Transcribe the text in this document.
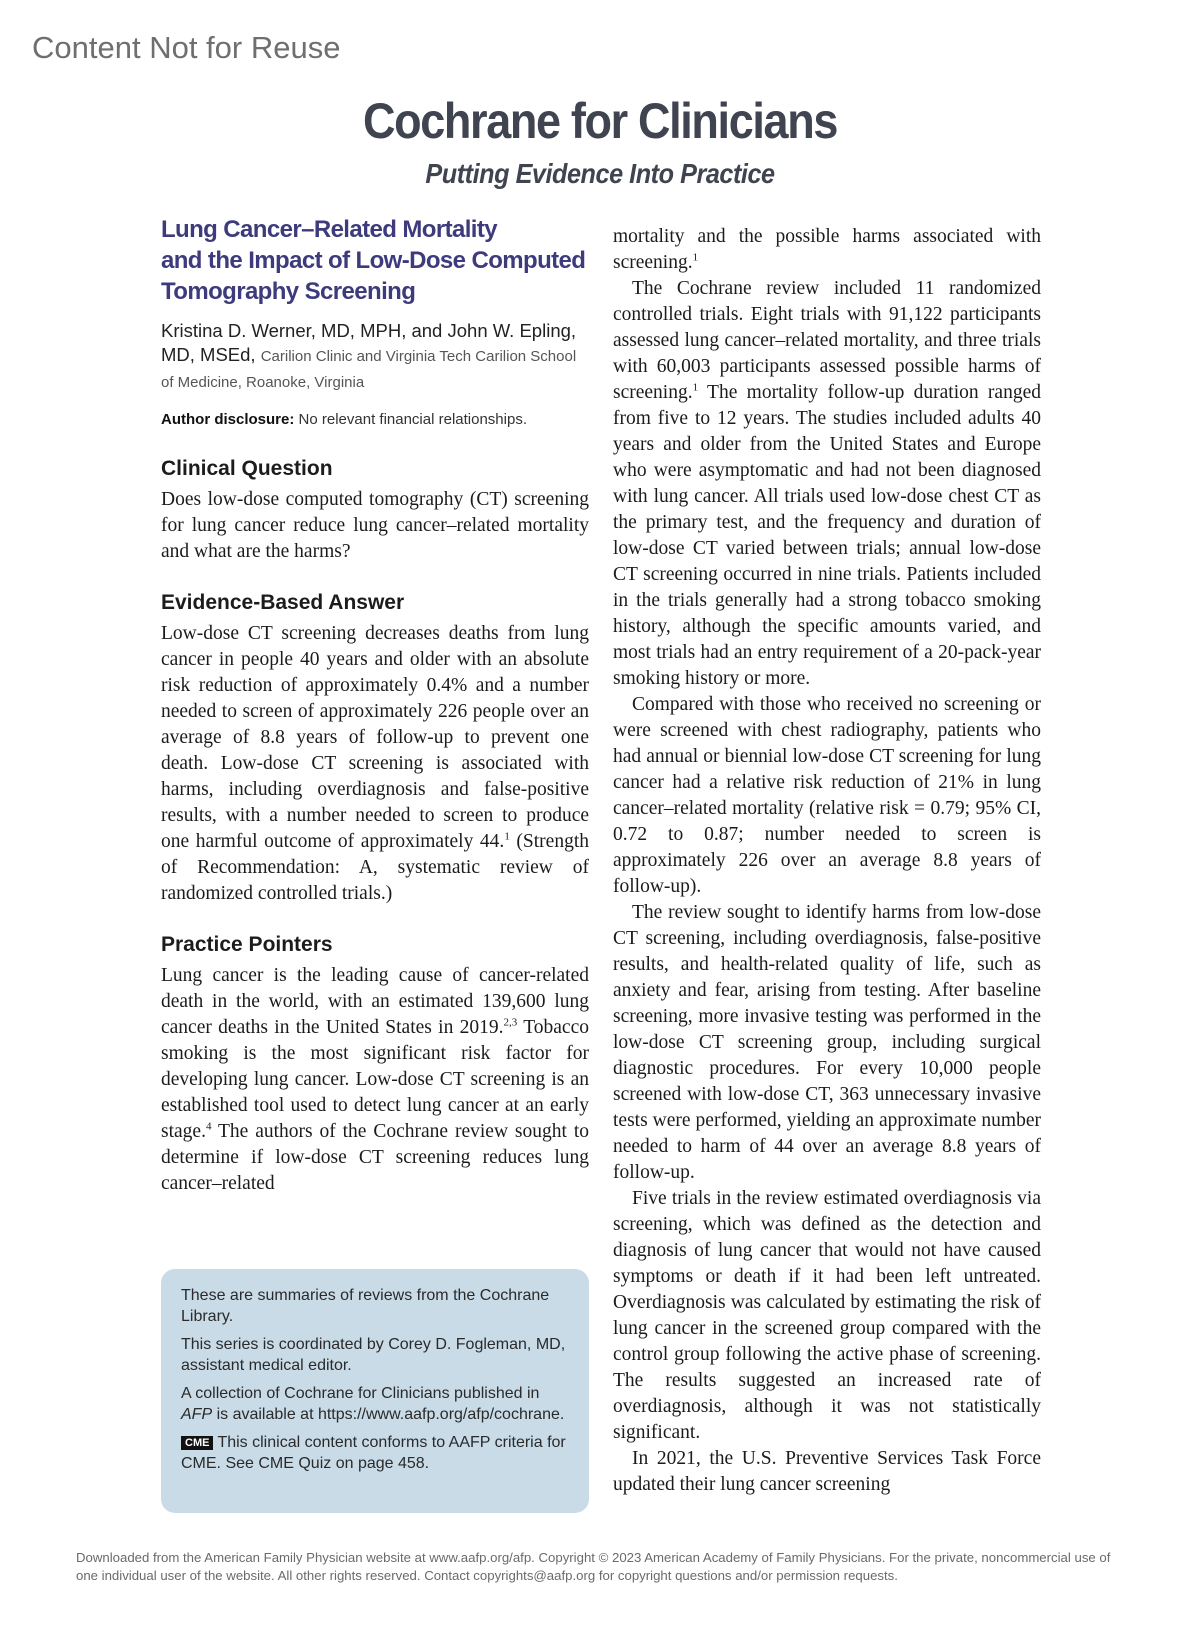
Content Not for Reuse
Cochrane for Clinicians
Putting Evidence Into Practice
Lung Cancer–Related Mortality
and the Impact of Low-Dose Computed
Tomography Screening

Kristina D. Werner, MD, MPH, and John W. Epling, MD, MSEd, Carilion Clinic and Virginia Tech Carilion School of Medicine, Roanoke, Virginia

Author disclosure: No relevant financial relationships.

Clinical Question

Does low-dose computed tomography (CT) screening for lung cancer reduce lung cancer–related mortality and what are the harms?

Evidence-Based Answer

Low-dose CT screening decreases deaths from lung cancer in people 40 years and older with an absolute risk reduction of approximately 0.4% and a number needed to screen of approximately 226 people over an average of 8.8 years of follow-up to prevent one death. Low-dose CT screening is associated with harms, including overdiagnosis and false-positive results, with a number needed to screen to produce one harmful outcome of approximately 44.$^1$ (Strength of Recommendation: A, systematic review of randomized controlled trials.)

Practice Pointers

Lung cancer is the leading cause of cancer-related death in the world, with an estimated 139,600 lung cancer deaths in the United States in 2019.$^{2,3}$ Tobacco smoking is the most significant risk factor for developing lung cancer. Low-dose CT screening is an established tool used to detect lung cancer at an early stage.$^4$ The authors of the Cochrane review sought to determine if low-dose CT screening reduces lung cancer–related

These are summaries of reviews from the Cochrane Library.

This series is coordinated by Corey D. Fogleman, MD, assistant medical editor.

A collection of Cochrane for Clinicians published in AFP is available at https://www.aafp.org/afp/cochrane.

CME This clinical content conforms to AAFP criteria for CME. See CME Quiz on page 458.

mortality and the possible harms associated with screening.$^1$

The Cochrane review included 11 randomized controlled trials. Eight trials with 91,122 participants assessed lung cancer–related mortality, and three trials with 60,003 participants assessed possible harms of screening.$^1$ The mortality follow-up duration ranged from five to 12 years. The studies included adults 40 years and older from the United States and Europe who were asymptomatic and had not been diagnosed with lung cancer. All trials used low-dose chest CT as the primary test, and the frequency and duration of low-dose CT varied between trials; annual low-dose CT screening occurred in nine trials. Patients included in the trials generally had a strong tobacco smoking history, although the specific amounts varied, and most trials had an entry requirement of a 20-pack-year smoking history or more.

Compared with those who received no screening or were screened with chest radiography, patients who had annual or biennial low-dose CT screening for lung cancer had a relative risk reduction of 21% in lung cancer–related mortality (relative risk = 0.79; 95% CI, 0.72 to 0.87; number needed to screen is approximately 226 over an average 8.8 years of follow-up).

The review sought to identify harms from low-dose CT screening, including overdiagnosis, false-positive results, and health-related quality of life, such as anxiety and fear, arising from testing. After baseline screening, more invasive testing was performed in the low-dose CT screening group, including surgical diagnostic procedures. For every 10,000 people screened with low-dose CT, 363 unnecessary invasive tests were performed, yielding an approximate number needed to harm of 44 over an average 8.8 years of follow-up.

Five trials in the review estimated overdiagnosis via screening, which was defined as the detection and diagnosis of lung cancer that would not have caused symptoms or death if it had been left untreated. Overdiagnosis was calculated by estimating the risk of lung cancer in the screened group compared with the control group following the active phase of screening. The results suggested an increased rate of overdiagnosis, although it was not statistically significant.

In 2021, the U.S. Preventive Services Task Force updated their lung cancer screening

Downloaded from the American Family Physician website at www.aafp.org/afp. Copyright © 2023 American Academy of Family Physicians. For the private, noncommercial use of one individual user of the website. All other rights reserved. Contact copyrights@aafp.org for copyright questions and/or permission requests.
